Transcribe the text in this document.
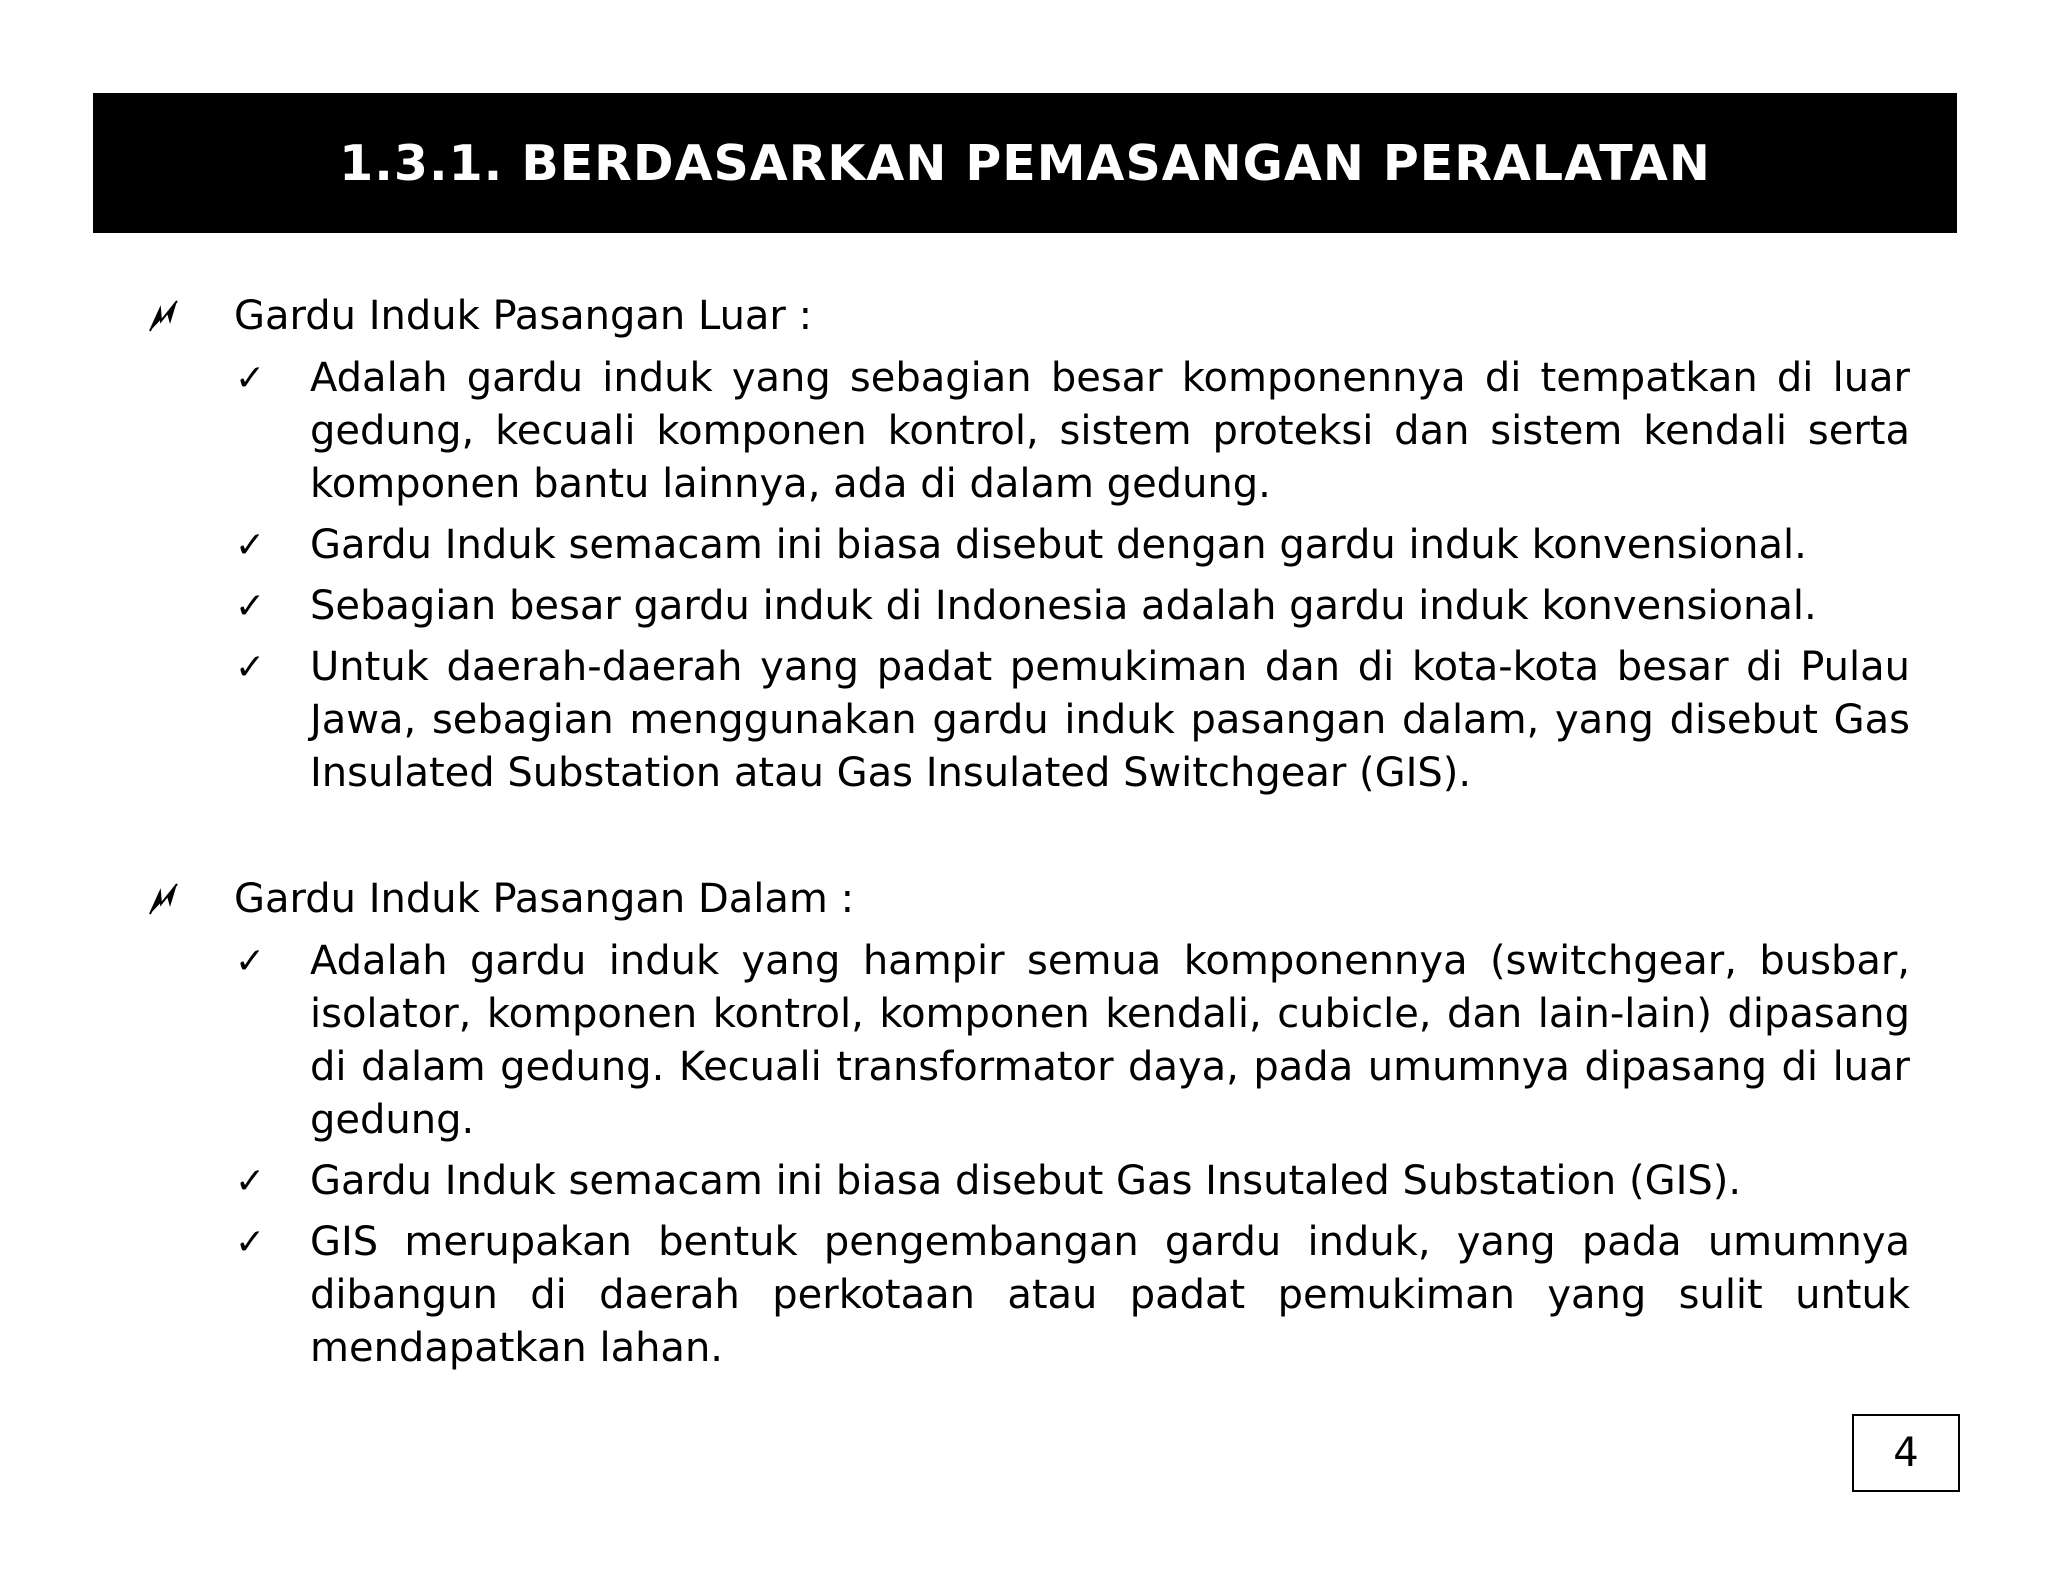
1.3.1. BERDASARKAN PEMASANGAN PERALATAN
Gardu Induk Pasangan Luar :
✓	Adalah gardu induk yang sebagian besar komponennya di tempatkan di luar gedung, kecuali komponen kontrol, sistem proteksi dan sistem kendali serta komponen bantu lainnya, ada di dalam gedung.
✓	Gardu Induk semacam ini biasa disebut dengan gardu induk konvensional.
✓	Sebagian besar gardu induk di Indonesia adalah gardu induk konvensional.
✓	Untuk daerah-daerah yang padat pemukiman dan di kota-kota besar di Pulau Jawa, sebagian menggunakan gardu induk pasangan dalam, yang disebut Gas Insulated Substation atau Gas Insulated Switchgear (GIS).
Gardu Induk Pasangan Dalam :
✓	Adalah gardu induk yang hampir semua komponennya (switchgear, busbar, isolator, komponen kontrol, komponen kendali, cubicle, dan lain-lain) dipasang di dalam gedung. Kecuali transformator daya, pada umumnya dipasang di luar gedung.
✓	Gardu Induk semacam ini biasa disebut Gas Insutaled Substation (GIS).
✓	GIS merupakan bentuk pengembangan gardu induk, yang pada umumnya dibangun di daerah perkotaan atau padat pemukiman yang sulit untuk mendapatkan lahan.
4
